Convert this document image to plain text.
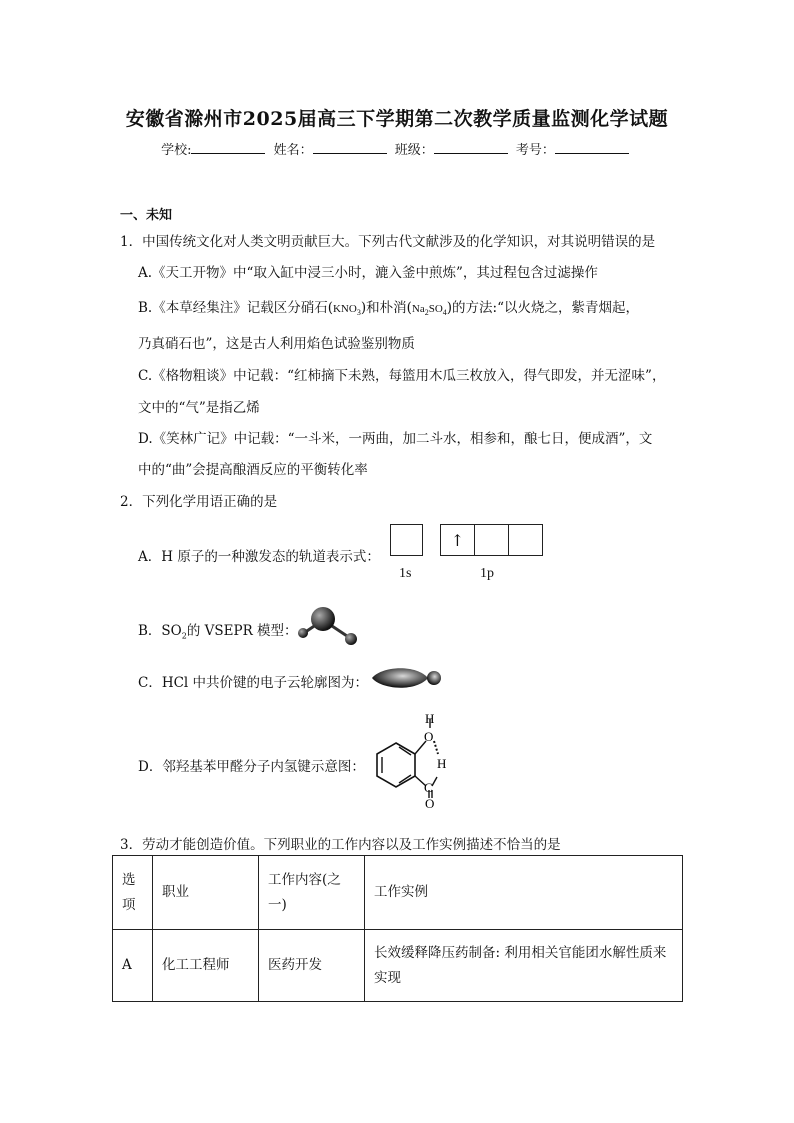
安徽省滁州市2025届高三下学期第二次教学质量监测化学试题
学校:	姓名：	班级：	考号：
一、未知
1．中国传统文化对人类文明贡献巨大。下列古代文献涉及的化学知识，对其说明错误的是
A.《天工开物》中“取入缸中浸三小时，漉入釜中煎炼”，其过程包含过滤操作
B.《本草经集注》记载区分硝石$(KNO_3)$和朴消$(Na_2SO_4)$的方法:“以火烧之，紫青烟起，
乃真硝石也”，这是古人利用焰色试验鉴别物质
C.《格物粗谈》中记载：“红柿摘下未熟，每篮用木瓜三枚放入，得气即发，并无涩味”，
文中的“气”是指乙烯
D.《笑林广记》中记载：“一斗米，一两曲，加二斗水，相参和，酿七日，便成酒”，文
中的“曲”会提高酿酒反应的平衡转化率
2．下列化学用语正确的是
A．H 原子的一种激发态的轨道表示式：
↑
1s	1p
B．$SO_2$的 VSEPR 模型：
C．HCl 中共价键的电子云轮廓图为：
D．邻羟基苯甲醛分子内氢键示意图：
H
O
H
C
O
3．劳动才能创造价值。下列职业的工作内容以及工作实例描述不恰当的是
选
项	职业	工作内容(之一)	工作实例
A	化工工程师	医药开发	长效缓释降压药制备: 利用相关官能团水解性质来
实现
